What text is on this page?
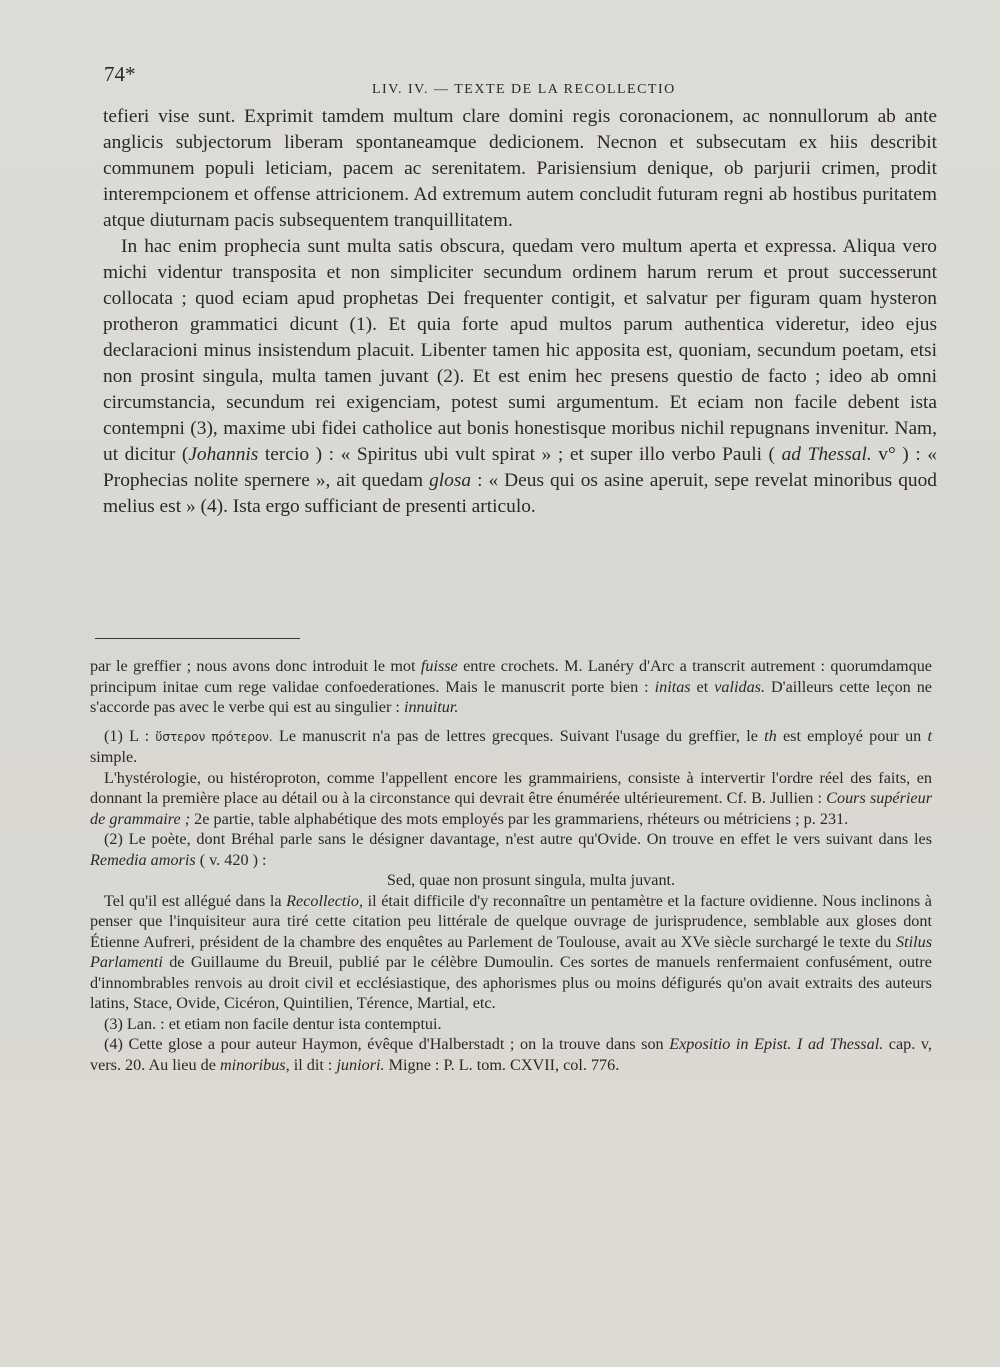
74*
LIV. IV. — TEXTE DE LA RECOLLECTIO

tefieri vise sunt. Exprimit tamdem multum clare domini regis coronacionem, ac nonnullorum ab ante anglicis subjectorum liberam spontaneamque dedicionem. Necnon et subsecutam ex hiis describit communem populi leticiam, pacem ac serenitatem. Parisiensium denique, ob parjurii crimen, prodit interempcionem et offense attricionem. Ad extremum autem concludit futuram regni ab hostibus puritatem atque diuturnam pacis subsequentem tranquillitatem.

In hac enim prophecia sunt multa satis obscura, quedam vero multum aperta et expressa. Aliqua vero michi videntur transposita et non simpliciter secundum ordinem harum rerum et prout successerunt collocata ; quod eciam apud prophetas Dei frequenter contigit, et salvatur per figuram quam hysteron protheron grammatici dicunt (1). Et quia forte apud multos parum authentica videretur, ideo ejus declaracioni minus insistendum placuit. Libenter tamen hic apposita est, quoniam, secundum poetam, etsi non prosint singula, multa tamen juvant (2). Et est enim hec presens questio de facto ; ideo ab omni circumstancia, secundum rei exigenciam, potest sumi argumentum. Et eciam non facile debent ista contempni (3), maxime ubi fidei catholice aut bonis honestisque moribus nichil repugnans invenitur. Nam, ut dicitur (Johannis tercio ) : « Spiritus ubi vult spirat » ; et super illo verbo Pauli ( ad Thessal. v° ) : « Prophecias nolite spernere », ait quedam glosa : « Deus qui os asine aperuit, sepe revelat minoribus quod melius est » (4). Ista ergo sufficiant de presenti articulo.

par le greffier ; nous avons donc introduit le mot fuisse entre crochets. M. Lanéry d'Arc a transcrit autrement : quorumdamque principum initae cum rege validae confoederationes. Mais le manuscrit porte bien : initas et validas. D'ailleurs cette leçon ne s'accorde pas avec le verbe qui est au singulier : innuitur.

(1) L : ὕστερον πρότερον. Le manuscrit n'a pas de lettres grecques. Suivant l'usage du greffier, le th est employé pour un t simple.

L'hystérologie, ou histéroproton, comme l'appellent encore les grammairiens, consiste à intervertir l'ordre réel des faits, en donnant la première place au détail ou à la circonstance qui devrait être énumérée ultérieurement. Cf. B. Jullien : Cours supérieur de grammaire ; 2e partie, table alphabétique des mots employés par les grammariens, rhéteurs ou métriciens ; p. 231.

(2) Le poète, dont Bréhal parle sans le désigner davantage, n'est autre qu'Ovide. On trouve en effet le vers suivant dans les Remedia amoris ( v. 420 ) :

Sed, quae non prosunt singula, multa juvant.

Tel qu'il est allégué dans la Recollectio, il était difficile d'y reconnaître un pentamètre et la facture ovidienne. Nous inclinons à penser que l'inquisiteur aura tiré cette citation peu littérale de quelque ouvrage de jurisprudence, semblable aux gloses dont Étienne Aufreri, président de la chambre des enquêtes au Parlement de Toulouse, avait au XVe siècle surchargé le texte du Stilus Parlamenti de Guillaume du Breuil, publié par le célèbre Dumoulin. Ces sortes de manuels renfermaient confusément, outre d'innombrables renvois au droit civil et ecclésiastique, des aphorismes plus ou moins défigurés qu'on avait extraits des auteurs latins, Stace, Ovide, Cicéron, Quintilien, Térence, Martial, etc.

(3) Lan. : et etiam non facile dentur ista contemptui.

(4) Cette glose a pour auteur Haymon, évêque d'Halberstadt ; on la trouve dans son Expositio in Epist. I ad Thessal. cap. v, vers. 20. Au lieu de minoribus, il dit : juniori. Migne : P. L. tom. CXVII, col. 776.
